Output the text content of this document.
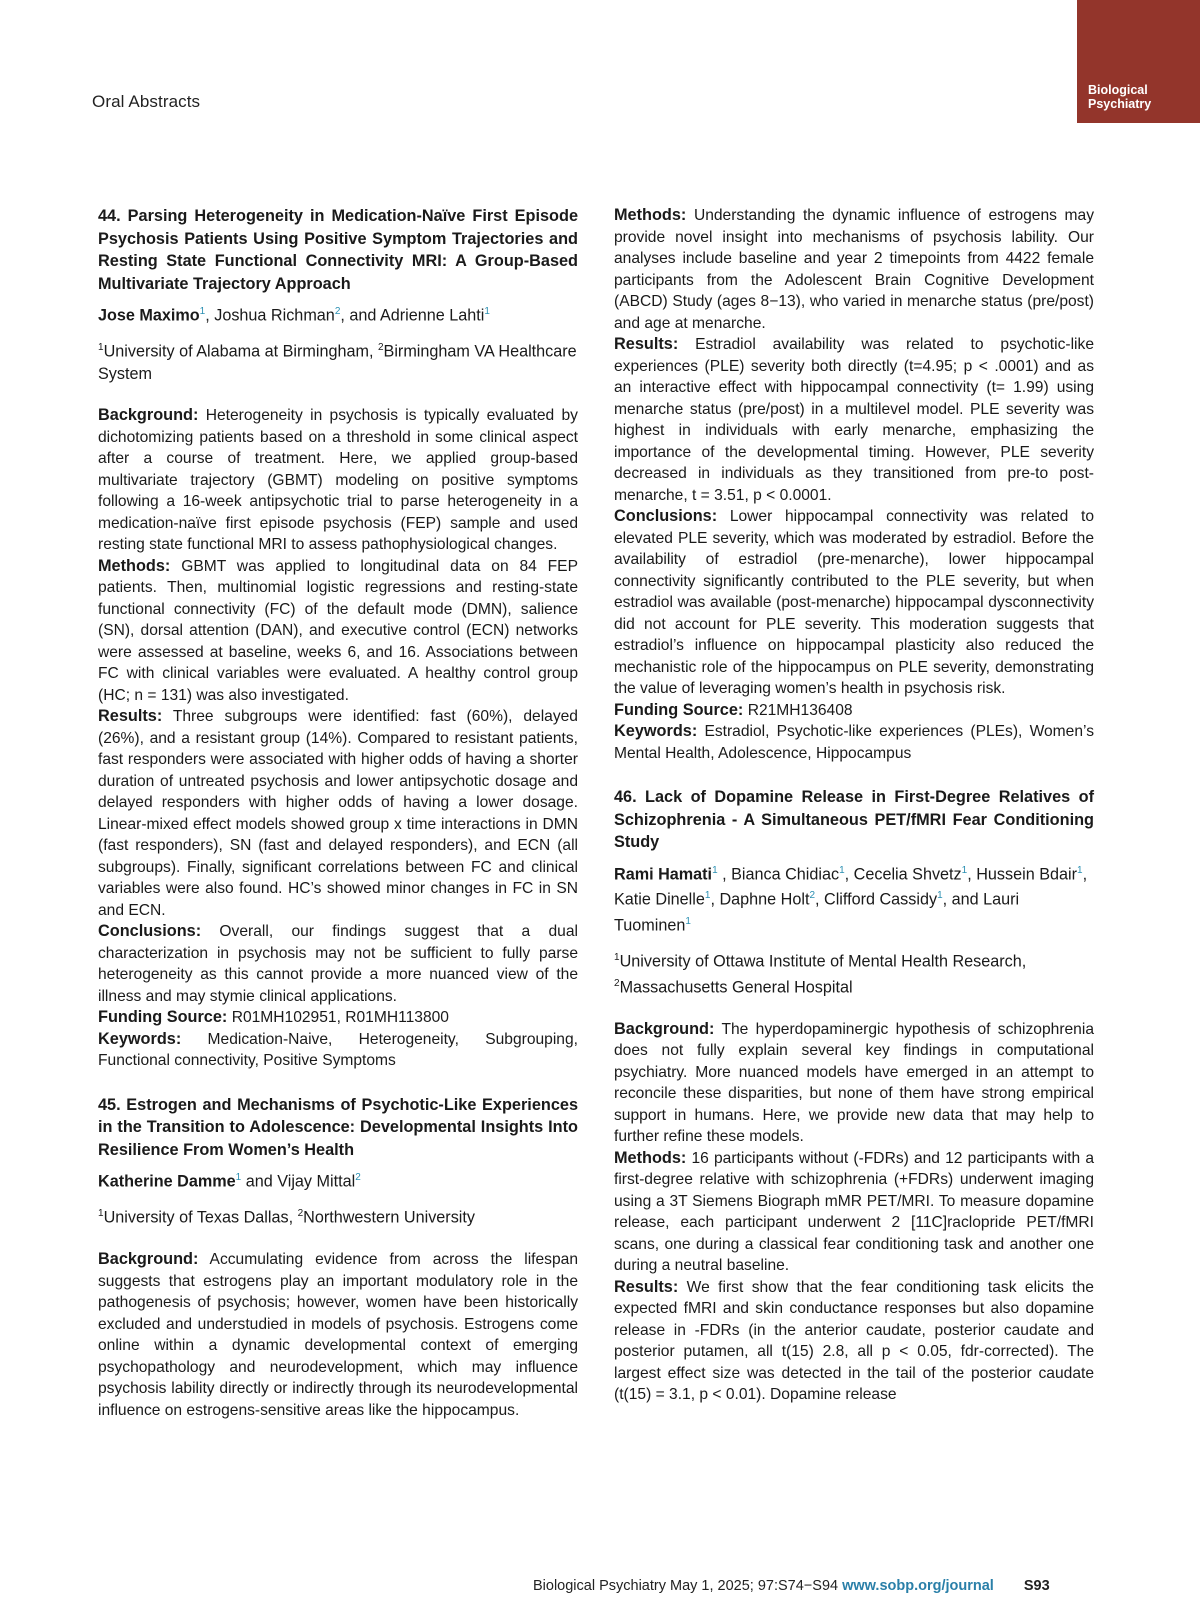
Oral Abstracts
Biological
Psychiatry
44. Parsing Heterogeneity in Medication-Naïve First Episode Psychosis Patients Using Positive Symptom Trajectories and Resting State Functional Connectivity MRI: A Group-Based Multivariate Trajectory Approach
Jose Maximo$^1$, Joshua Richman$^2$, and Adrienne Lahti$^1$
$^1$University of Alabama at Birmingham, $^2$Birmingham VA Healthcare System

Background: Heterogeneity in psychosis is typically evaluated by dichotomizing patients based on a threshold in some clinical aspect after a course of treatment. Here, we applied group-based multivariate trajectory (GBMT) modeling on positive symptoms following a 16-week antipsychotic trial to parse heterogeneity in a medication-naïve first episode psychosis (FEP) sample and used resting state functional MRI to assess pathophysiological changes.

Methods: GBMT was applied to longitudinal data on 84 FEP patients. Then, multinomial logistic regressions and resting-state functional connectivity (FC) of the default mode (DMN), salience (SN), dorsal attention (DAN), and executive control (ECN) networks were assessed at baseline, weeks 6, and 16. Associations between FC with clinical variables were evaluated. A healthy control group (HC; n = 131) was also investigated.

Results: Three subgroups were identified: fast (60%), delayed (26%), and a resistant group (14%). Compared to resistant patients, fast responders were associated with higher odds of having a shorter duration of untreated psychosis and lower antipsychotic dosage and delayed responders with higher odds of having a lower dosage. Linear-mixed effect models showed group x time interactions in DMN (fast responders), SN (fast and delayed responders), and ECN (all subgroups). Finally, significant correlations between FC and clinical variables were also found. HC’s showed minor changes in FC in SN and ECN.

Conclusions: Overall, our findings suggest that a dual characterization in psychosis may not be sufficient to fully parse heterogeneity as this cannot provide a more nuanced view of the illness and may stymie clinical applications.

Funding Source: R01MH102951, R01MH113800

Keywords: Medication-Naive, Heterogeneity, Subgrouping, Functional connectivity, Positive Symptoms

45. Estrogen and Mechanisms of Psychotic-Like Experiences in the Transition to Adolescence: Developmental Insights Into Resilience From Women’s Health
Katherine Damme$^1$ and Vijay Mittal$^2$
$^1$University of Texas Dallas, $^2$Northwestern University

Background: Accumulating evidence from across the lifespan suggests that estrogens play an important modulatory role in the pathogenesis of psychosis; however, women have been historically excluded and understudied in models of psychosis. Estrogens come online within a dynamic developmental context of emerging psychopathology and neurodevelopment, which may influence psychosis lability directly or indirectly through its neurodevelopmental influence on estrogens-sensitive areas like the hippocampus.

Methods: Understanding the dynamic influence of estrogens may provide novel insight into mechanisms of psychosis lability. Our analyses include baseline and year 2 timepoints from 4422 female participants from the Adolescent Brain Cognitive Development (ABCD) Study (ages 8−13), who varied in menarche status (pre/post) and age at menarche.

Results: Estradiol availability was related to psychotic-like experiences (PLE) severity both directly (t=4.95; p < .0001) and as an interactive effect with hippocampal connectivity (t= 1.99) using menarche status (pre/post) in a multilevel model. PLE severity was highest in individuals with early menarche, emphasizing the importance of the developmental timing. However, PLE severity decreased in individuals as they transitioned from pre-to post-menarche, t = 3.51, p < 0.0001.

Conclusions: Lower hippocampal connectivity was related to elevated PLE severity, which was moderated by estradiol. Before the availability of estradiol (pre-menarche), lower hippocampal connectivity significantly contributed to the PLE severity, but when estradiol was available (post-menarche) hippocampal dysconnectivity did not account for PLE severity. This moderation suggests that estradiol’s influence on hippocampal plasticity also reduced the mechanistic role of the hippocampus on PLE severity, demonstrating the value of leveraging women’s health in psychosis risk.

Funding Source: R21MH136408

Keywords: Estradiol, Psychotic-like experiences (PLEs), Women’s Mental Health, Adolescence, Hippocampus

46. Lack of Dopamine Release in First-Degree Relatives of Schizophrenia - A Simultaneous PET/fMRI Fear Conditioning Study
Rami Hamati$^1$ , Bianca Chidiac$^1$, Cecelia Shvetz$^1$, Hussein Bdair$^1$, Katie Dinelle$^1$, Daphne Holt$^2$, Clifford Cassidy$^1$, and Lauri Tuominen$^1$
$^1$University of Ottawa Institute of Mental Health Research,
$^2$Massachusetts General Hospital

Background: The hyperdopaminergic hypothesis of schizophrenia does not fully explain several key findings in computational psychiatry. More nuanced models have emerged in an attempt to reconcile these disparities, but none of them have strong empirical support in humans. Here, we provide new data that may help to further refine these models.

Methods: 16 participants without (-FDRs) and 12 participants with a first-degree relative with schizophrenia (+FDRs) underwent imaging using a 3T Siemens Biograph mMR PET/MRI. To measure dopamine release, each participant underwent 2 [11C]raclopride PET/fMRI scans, one during a classical fear conditioning task and another one during a neutral baseline.

Results: We first show that the fear conditioning task elicits the expected fMRI and skin conductance responses but also dopamine release in -FDRs (in the anterior caudate, posterior caudate and posterior putamen, all t(15) 2.8, all p < 0.05, fdr-corrected). The largest effect size was detected in the tail of the posterior caudate (t(15) = 3.1, p < 0.01). Dopamine release

Biological Psychiatry May 1, 2025; 97:S74−S94 www.sobp.org/journal S93
